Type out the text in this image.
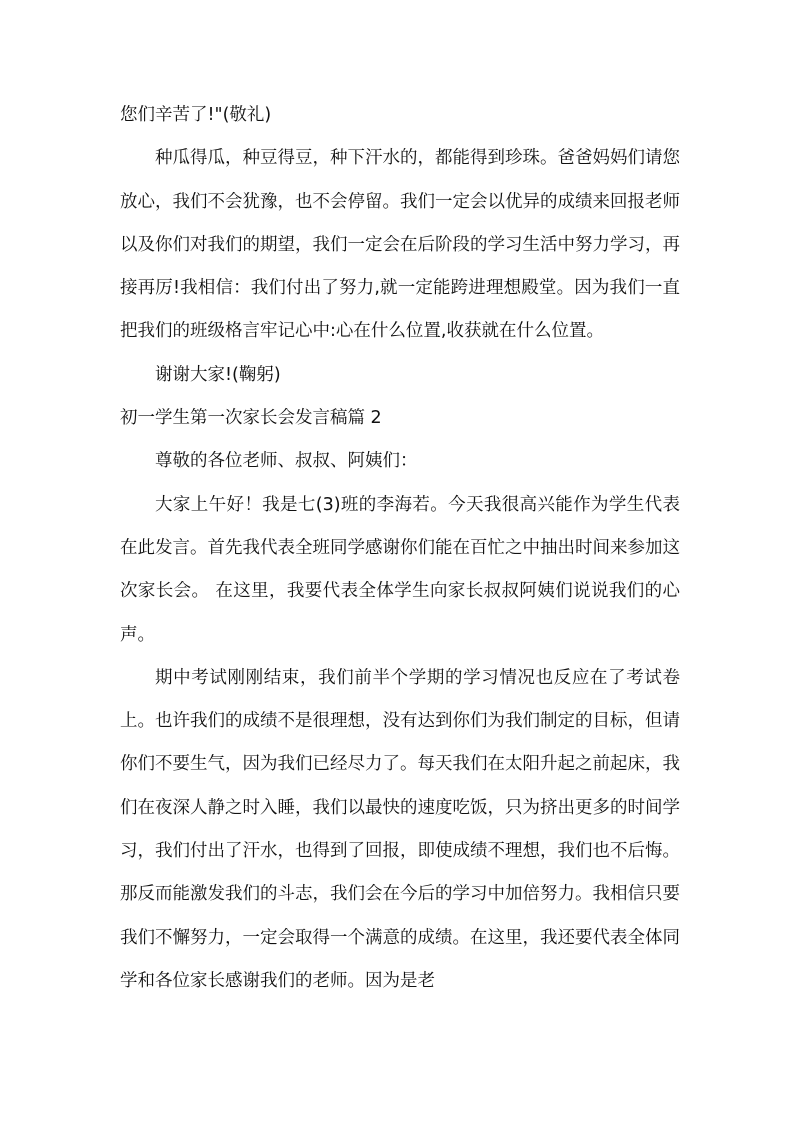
您们辛苦了!"(敬礼)

种瓜得瓜，种豆得豆，种下汗水的，都能得到珍珠。爸爸妈妈们请您放心，我们不会犹豫，也不会停留。我们一定会以优异的成绩来回报老师以及你们对我们的期望，我们一定会在后阶段的学习生活中努力学习，再接再厉!我相信：我们付出了努力,就一定能跨进理想殿堂。因为我们一直把我们的班级格言牢记心中:心在什么位置,收获就在什么位置。

谢谢大家!(鞠躬)

初一学生第一次家长会发言稿篇 2

尊敬的各位老师、叔叔、阿姨们：

大家上午好！我是七(3)班的李海若。今天我很高兴能作为学生代表在此发言。首先我代表全班同学感谢你们能在百忙之中抽出时间来参加这次家长会。 在这里，我要代表全体学生向家长叔叔阿姨们说说我们的心声。

期中考试刚刚结束，我们前半个学期的学习情况也反应在了考试卷上。也许我们的成绩不是很理想，没有达到你们为我们制定的目标，但请你们不要生气，因为我们已经尽力了。每天我们在太阳升起之前起床，我们在夜深人静之时入睡，我们以最快的速度吃饭，只为挤出更多的时间学习，我们付出了汗水，也得到了回报，即使成绩不理想，我们也不后悔。那反而能激发我们的斗志，我们会在今后的学习中加倍努力。我相信只要我们不懈努力，一定会取得一个满意的成绩。在这里，我还要代表全体同学和各位家长感谢我们的老师。因为是老
